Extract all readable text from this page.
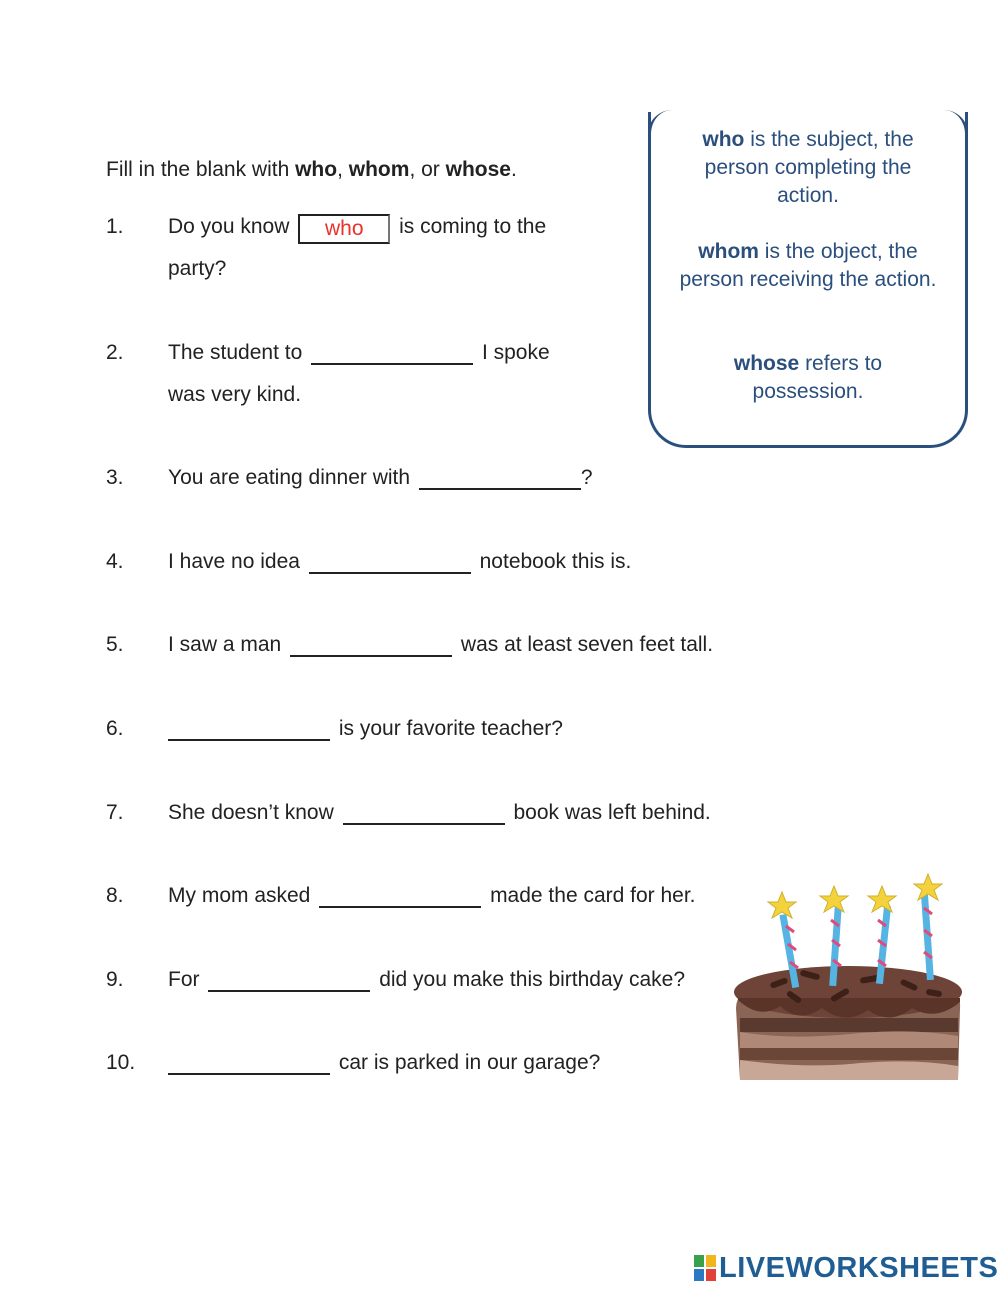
Fill in the blank with who, whom, or whose.

1.	Do you know who	is coming to the
party?
2.	The student to	I spoke
was very kind.
3.	You are eating dinner with	?
4.	I have no idea	notebook this is.
5.	I saw a man	was at least seven feet tall.
6.	is your favorite teacher?
7.	She doesn’t know	book was left behind.
8.	My mom asked	made the card for her.
9.	For	did you make this birthday cake?
10.	car is parked in our garage?
who is the subject, the person completing the action.
whom is the object, the person receiving the action.
whose refers to possession.
LIVEWORKSHEETS
